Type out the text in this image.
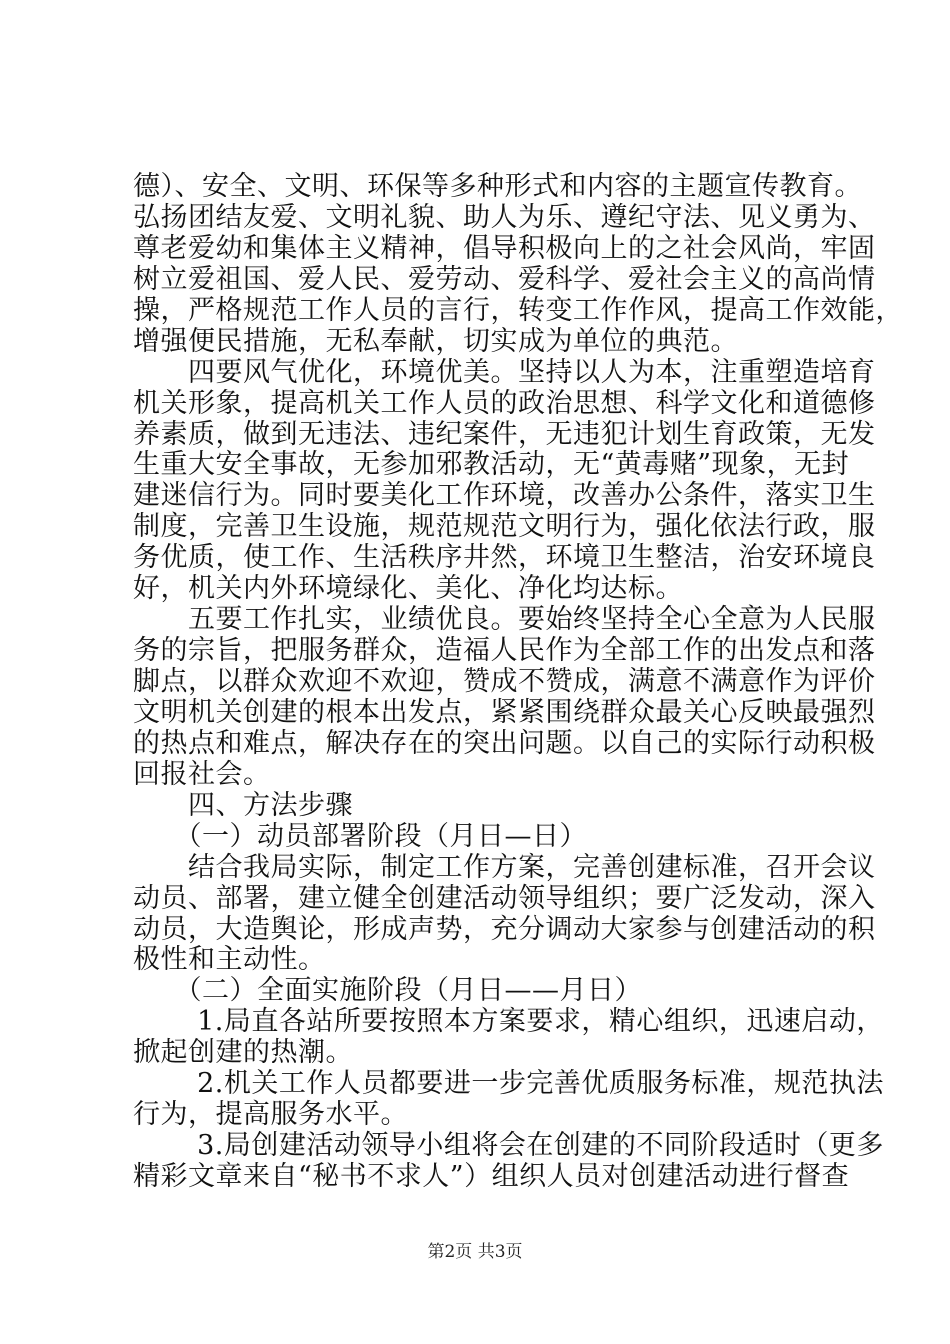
德）、安全、文明、环保等多种形式和内容的主题宣传教育。
弘扬团结友爱、文明礼貌、助人为乐、遵纪守法、见义勇为、
尊老爱幼和集体主义精神，倡导积极向上的之社会风尚，牢固
树立爱祖国、爱人民、爱劳动、爱科学、爱社会主义的高尚情
操，严格规范工作人员的言行，转变工作作风，提高工作效能，
增强便民措施，无私奉献，切实成为单位的典范。
　　四要风气优化，环境优美。坚持以人为本，注重塑造培育
机关形象，提高机关工作人员的政治思想、科学文化和道德修
养素质，做到无违法、违纪案件，无违犯计划生育政策，无发
生重大安全事故，无参加邪教活动，无“黄毒赌”现象，无封
建迷信行为。同时要美化工作环境，改善办公条件，落实卫生
制度，完善卫生设施，规范规范文明行为，强化依法行政，服
务优质，使工作、生活秩序井然，环境卫生整洁，治安环境良
好，机关内外环境绿化、美化、净化均达标。
　　五要工作扎实，业绩优良。要始终坚持全心全意为人民服
务的宗旨，把服务群众，造福人民作为全部工作的出发点和落
脚点，以群众欢迎不欢迎，赞成不赞成，满意不满意作为评价
文明机关创建的根本出发点，紧紧围绕群众最关心反映最强烈
的热点和难点，解决存在的突出问题。以自己的实际行动积极
回报社会。
　　四、方法步骤
　　（一）动员部署阶段（月日—日）
　　结合我局实际，制定工作方案，完善创建标准，召开会议
动员、部署，建立健全创建活动领导组织；要广泛发动，深入
动员，大造舆论，形成声势，充分调动大家参与创建活动的积
极性和主动性。
　　（二）全面实施阶段（月日——月日）
　　 1.局直各站所要按照本方案要求，精心组织，迅速启动，
掀起创建的热潮。
　　 2.机关工作人员都要进一步完善优质服务标准，规范执法
行为，提高服务水平。
　　 3.局创建活动领导小组将会在创建的不同阶段适时（更多
精彩文章来自“秘书不求人”）组织人员对创建活动进行督查
第2页 共3页
